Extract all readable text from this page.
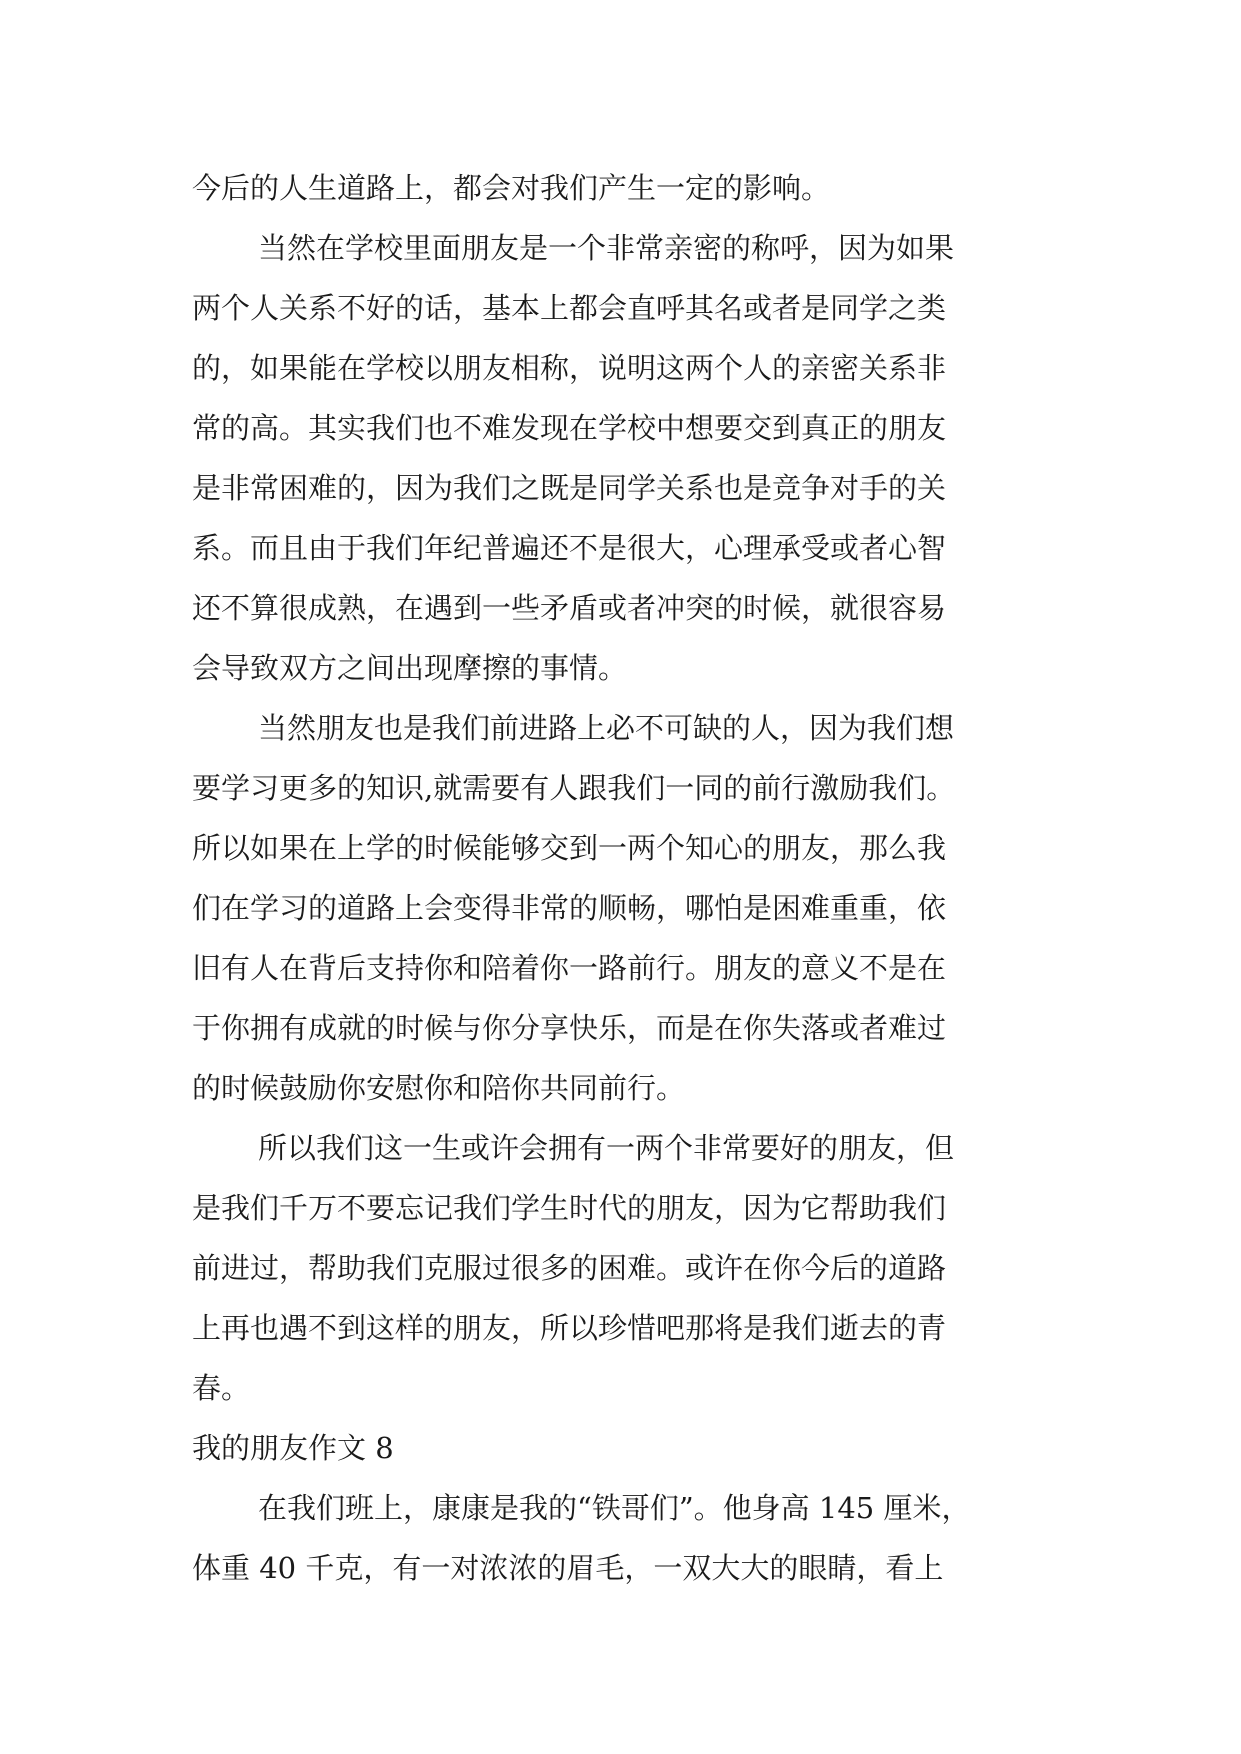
今后的人生道路上，都会对我们产生一定的影响。
当然在学校里面朋友是一个非常亲密的称呼，因为如果
两个人关系不好的话，基本上都会直呼其名或者是同学之类
的，如果能在学校以朋友相称，说明这两个人的亲密关系非
常的高。其实我们也不难发现在学校中想要交到真正的朋友
是非常困难的，因为我们之既是同学关系也是竞争对手的关
系。而且由于我们年纪普遍还不是很大，心理承受或者心智
还不算很成熟，在遇到一些矛盾或者冲突的时候，就很容易
会导致双方之间出现摩擦的事情。
当然朋友也是我们前进路上必不可缺的人，因为我们想
要学习更多的知识,就需要有人跟我们一同的前行激励我们。
所以如果在上学的时候能够交到一两个知心的朋友，那么我
们在学习的道路上会变得非常的顺畅，哪怕是困难重重，依
旧有人在背后支持你和陪着你一路前行。朋友的意义不是在
于你拥有成就的时候与你分享快乐，而是在你失落或者难过
的时候鼓励你安慰你和陪你共同前行。
所以我们这一生或许会拥有一两个非常要好的朋友，但
是我们千万不要忘记我们学生时代的朋友，因为它帮助我们
前进过，帮助我们克服过很多的困难。或许在你今后的道路
上再也遇不到这样的朋友，所以珍惜吧那将是我们逝去的青
春。
我的朋友作文 8
在我们班上，康康是我的“铁哥们”。他身高 145 厘米，
体重 40 千克，有一对浓浓的眉毛，一双大大的眼睛，看上
